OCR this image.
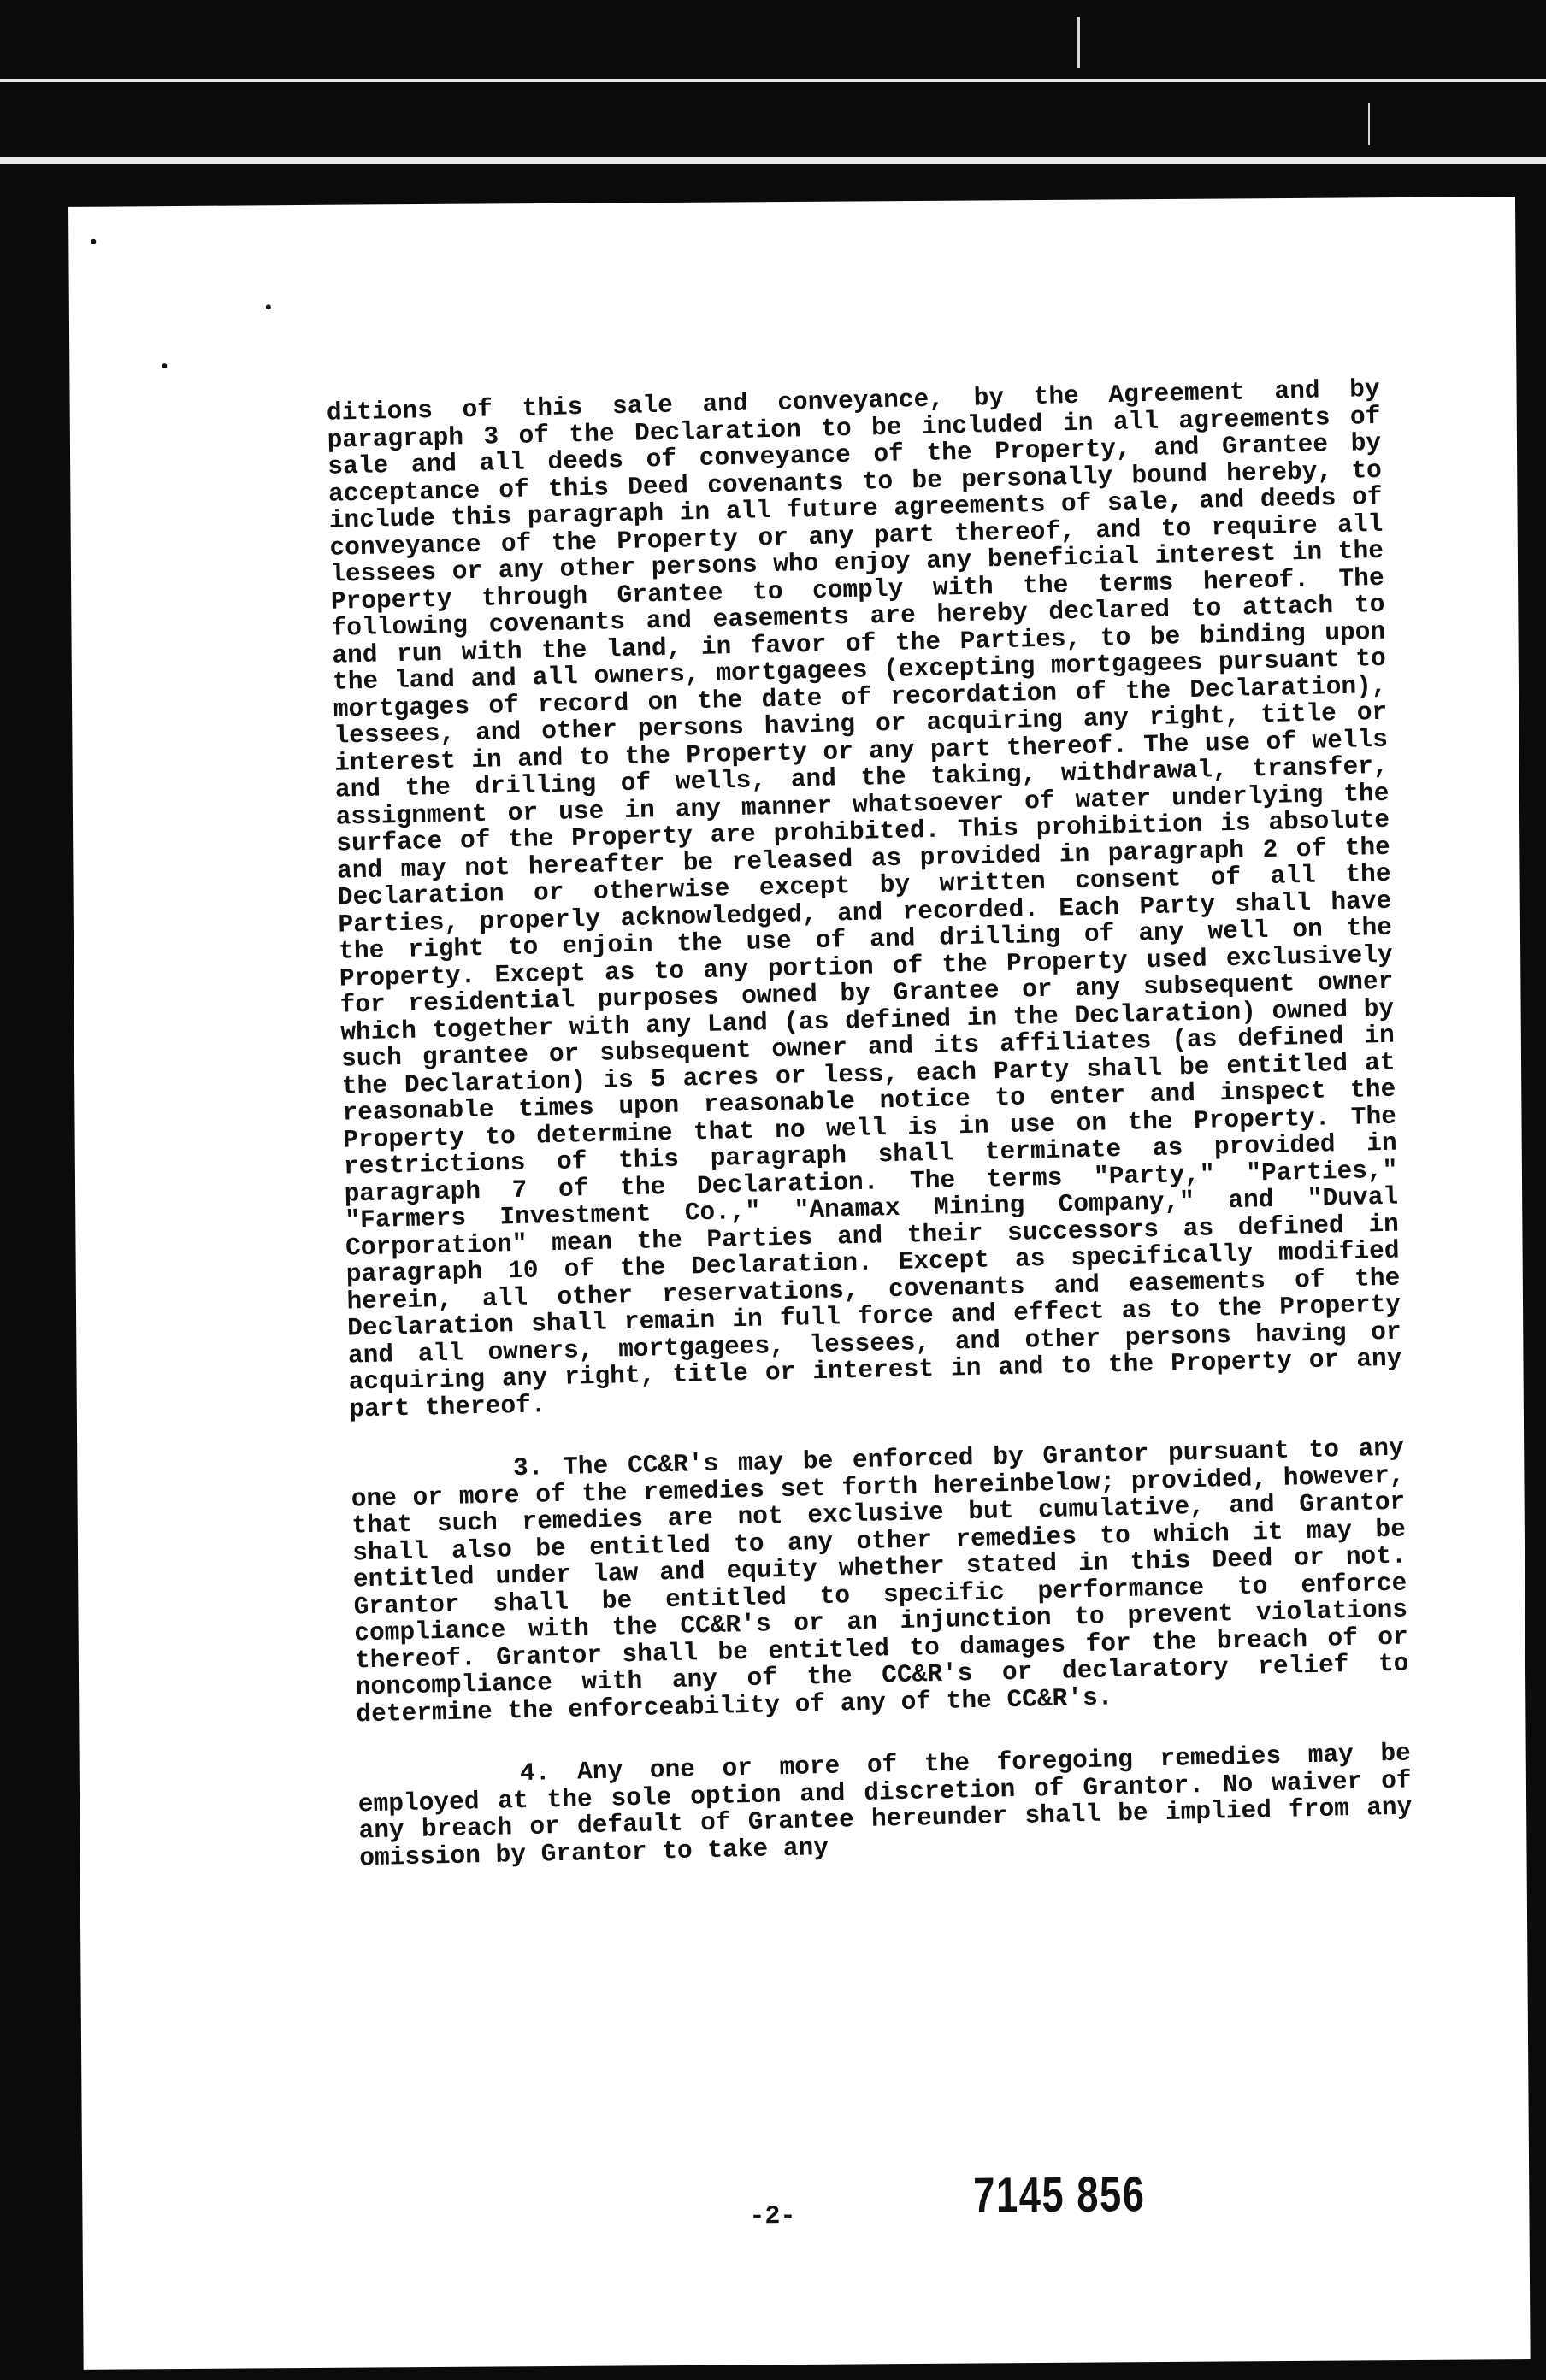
ditions of this sale and conveyance, by the Agreement and by paragraph 3 of the Declaration to be included in all agreements of sale and all deeds of conveyance of the Property, and Grantee by acceptance of this Deed covenants to be personally bound hereby, to include this paragraph in all future agreements of sale, and deeds of conveyance of the Property or any part thereof, and to require all lessees or any other persons who enjoy any beneficial interest in the Property through Grantee to comply with the terms hereof. The following covenants and easements are hereby declared to attach to and run with the land, in favor of the Parties, to be binding upon the land and all owners, mortgagees (excepting mortgagees pursuant to mortgages of record on the date of recordation of the Declaration), lessees, and other persons having or acquiring any right, title or interest in and to the Property or any part thereof. The use of wells and the drilling of wells, and the taking, withdrawal, transfer, assignment or use in any manner whatsoever of water underlying the surface of the Property are prohibited. This prohibition is absolute and may not hereafter be released as provided in paragraph 2 of the Declaration or otherwise except by written consent of all the Parties, properly acknowledged, and recorded. Each Party shall have the right to enjoin the use of and drilling of any well on the Property. Except as to any portion of the Property used exclusively for residential purposes owned by Grantee or any subsequent owner which together with any Land (as defined in the Declaration) owned by such grantee or subsequent owner and its affiliates (as defined in the Declaration) is 5 acres or less, each Party shall be entitled at reasonable times upon reasonable notice to enter and inspect the Property to determine that no well is in use on the Property. The restrictions of this paragraph shall terminate as provided in paragraph 7 of the Declaration. The terms "Party," "Parties," "Farmers Investment Co.," "Anamax Mining Company," and "Duval Corporation" mean the Parties and their successors as defined in paragraph 10 of the Declaration. Except as specifically modified herein, all other reservations, covenants and easements of the Declaration shall remain in full force and effect as to the Property and all owners, mortgagees, lessees, and other persons having or acquiring any right, title or interest in and to the Property or any part thereof.

3. The CC&R's may be enforced by Grantor pursuant to any one or more of the remedies set forth hereinbelow; provided, however, that such remedies are not exclusive but cumulative, and Grantor shall also be entitled to any other remedies to which it may be entitled under law and equity whether stated in this Deed or not. Grantor shall be entitled to specific performance to enforce compliance with the CC&R's or an injunction to prevent violations thereof. Grantor shall be entitled to damages for the breach of or noncompliance with any of the CC&R's or declaratory relief to determine the enforceability of any of the CC&R's.

4. Any one or more of the foregoing remedies may be employed at the sole option and discretion of Grantor. No waiver of any breach or default of Grantee hereunder shall be implied from any omission by Grantor to take any

-2-	7145 856
